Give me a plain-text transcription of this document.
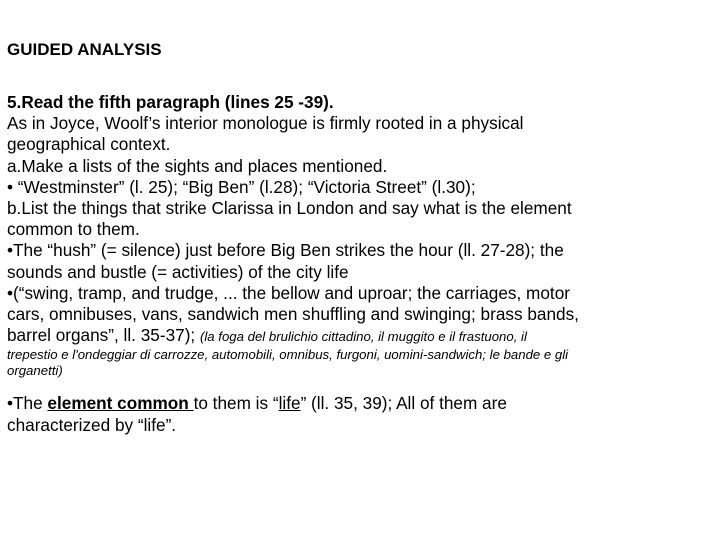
GUIDED ANALYSIS
5.Read the fifth paragraph (lines 25 -39).
As in Joyce, Woolf’s interior monologue is firmly rooted in a physical
geographical context.
a.Make a lists of the sights and places mentioned.
• “Westminster” (l. 25); “Big Ben” (l.28); “Victoria Street” (l.30);
b.List the things that strike Clarissa in London and say what is the element
common to them.
•The “hush” (= silence) just before Big Ben strikes the hour (ll. 27-28); the
sounds and bustle (= activities) of the city life
•(“swing, tramp, and trudge, ... the bellow and uproar; the carriages, motor
cars, omnibuses, vans, sandwich men shuffling and swinging; brass bands,
barrel organs”, ll. 35-37); (la foga del brulichio cittadino, il muggito e il frastuono, il
trepestio e l'ondeggiar di carrozze, automobili, omnibus, furgoni, uomini-sandwich; le bande e gli
organetti)
•The element common to them is “life” (ll. 35, 39); All of them are
characterized by “life”.
